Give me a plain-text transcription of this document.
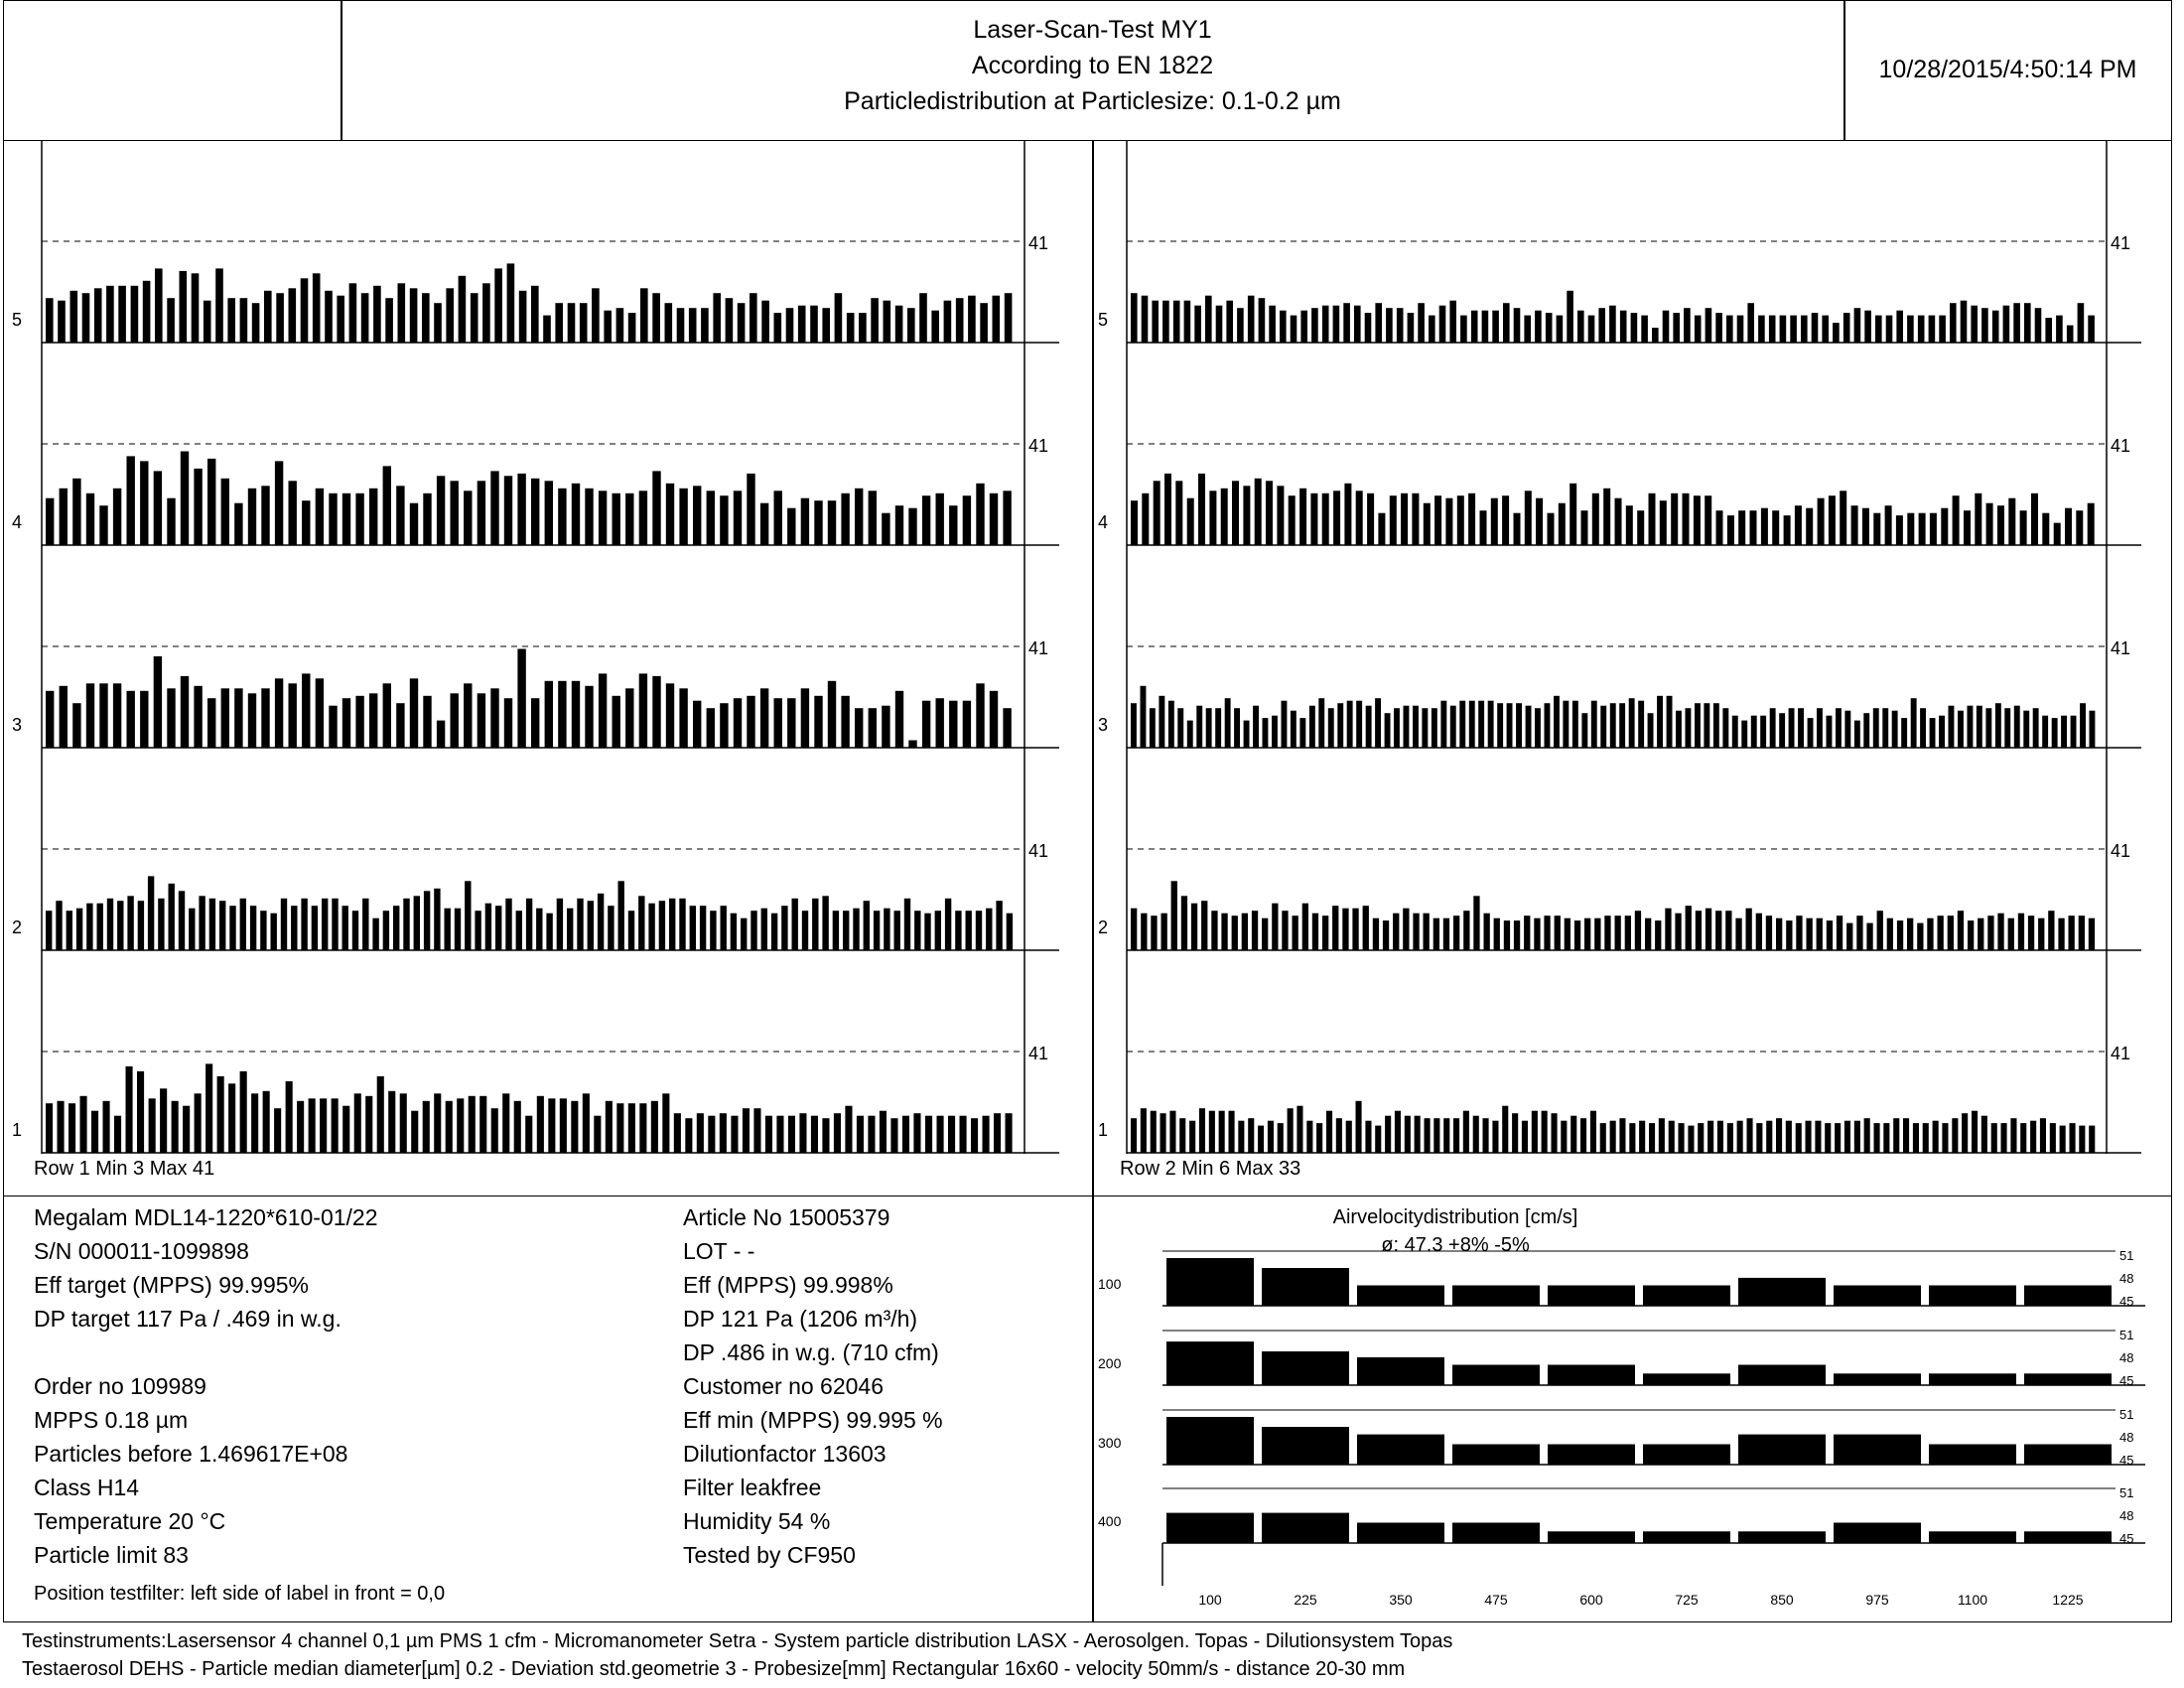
Laser-Scan-Test MY1
According to EN 1822
Particledistribution at Particlesize: 0.1-0.2 µm
10/28/2015/4:50:14 PM
41
5
41
4
41
3
41
2
41
1
41
5
41
4
41
3
41
2
41
1
Row 1 Min 3 Max 41	Row 2 Min 6 Max 33
Megalam MDL14-1220*610-01/22
S/N 000011-1099898
Eff target (MPPS) 99.995%
DP target 117 Pa / .469 in w.g.
Order no 109989
MPPS 0.18 µm
Particles before 1.469617E+08
Class H14
Temperature 20 °C
Particle limit 83
Position testfilter: left side of label in front = 0,0
Article No 15005379
LOT - -
Eff (MPPS) 99.998%
DP 121 Pa (1206 m³/h)
DP .486 in w.g. (710 cfm)
Customer no 62046
Eff min (MPPS) 99.995 %
Dilutionfactor 13603
Filter leakfree
Humidity 54 %
Tested by CF950
Airvelocitydistribution [cm/s]
ø: 47.3 +8% -5%
100
51
48
45
200
51
48
45
300
51
48
45
400
51
48
45
100	225	350	475	600	725	850	975	1100	1225
Testinstruments:Lasersensor 4 channel 0,1 µm PMS 1 cfm - Micromanometer Setra - System particle distribution LASX - Aerosolgen. Topas - Dilutionsystem Topas
Testaerosol DEHS - Particle median diameter[µm] 0.2 - Deviation std.geometrie 3 - Probesize[mm] Rectangular 16x60 - velocity 50mm/s - distance 20-30 mm
